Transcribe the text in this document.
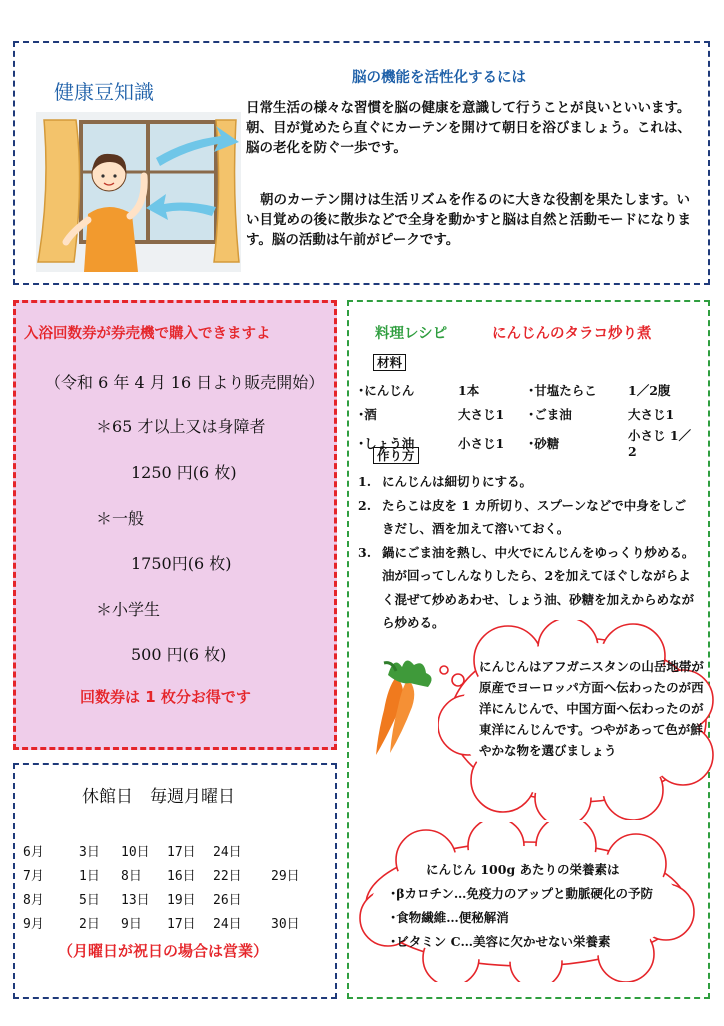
健康豆知識
脳の機能を活性化するには
日常生活の様々な習慣を脳の健康を意識して行うことが良いといいます。朝、目が覚めたら直ぐにカーテンを開けて朝日を浴びましょう。これは、脳の老化を防ぐ一歩です。
朝のカーテン開けは生活リズムを作るのに大きな役割を果たします。いい目覚めの後に散歩などで全身を動かすと脳は自然と活動モードになります。脳の活動は午前がピークです。
入浴回数券が券売機で購入できますよ
（令和 6 年 4 月 16 日より販売開始）
＊65 才以上又は身障者
1250 円(6 枚)
＊一般
1750円(6 枚)
＊小学生
500 円(6 枚)
回数券は 1 枚分お得です
休館日　毎週月曜日
6月	3日	10日	17日	24日	
7月	1日	8日	16日	22日	29日
8月	5日	13日	19日	26日	
9月	2日	9日	17日	24日	30日
（月曜日が祝日の場合は営業）
料理レシピ	にんじんのタラコ炒り煮
材料
･にんじん	1本	･甘塩たらこ	1／2腹
･酒	大さじ1	･ごま油	大さじ1
･しょう油	小さじ1	･砂糖	小さじ 1／2
作り方
1. にんじんは細切りにする。
2. たらこは皮を 1 カ所切り、スプーンなどで中身をしごきだし、酒を加えて溶いておく。
3. 鍋にごま油を熱し、中火でにんじんをゆっくり炒める。油が回ってしんなりしたら、2を加えてほぐしながらよく混ぜて炒めあわせ、しょう油、砂糖を加えからめながら炒める。
にんじんはアフガニスタンの山岳地帯が原産でヨーロッパ方面へ伝わったのが西洋にんじんで、中国方面へ伝わったのが東洋にんじんです。つやがあって色が鮮やかな物を選びましょう
にんじん 100g あたりの栄養素は
･βカロチン…免疫力のアップと動脈硬化の予防
･食物繊維…便秘解消
･ビタミン C…美容に欠かせない栄養素
